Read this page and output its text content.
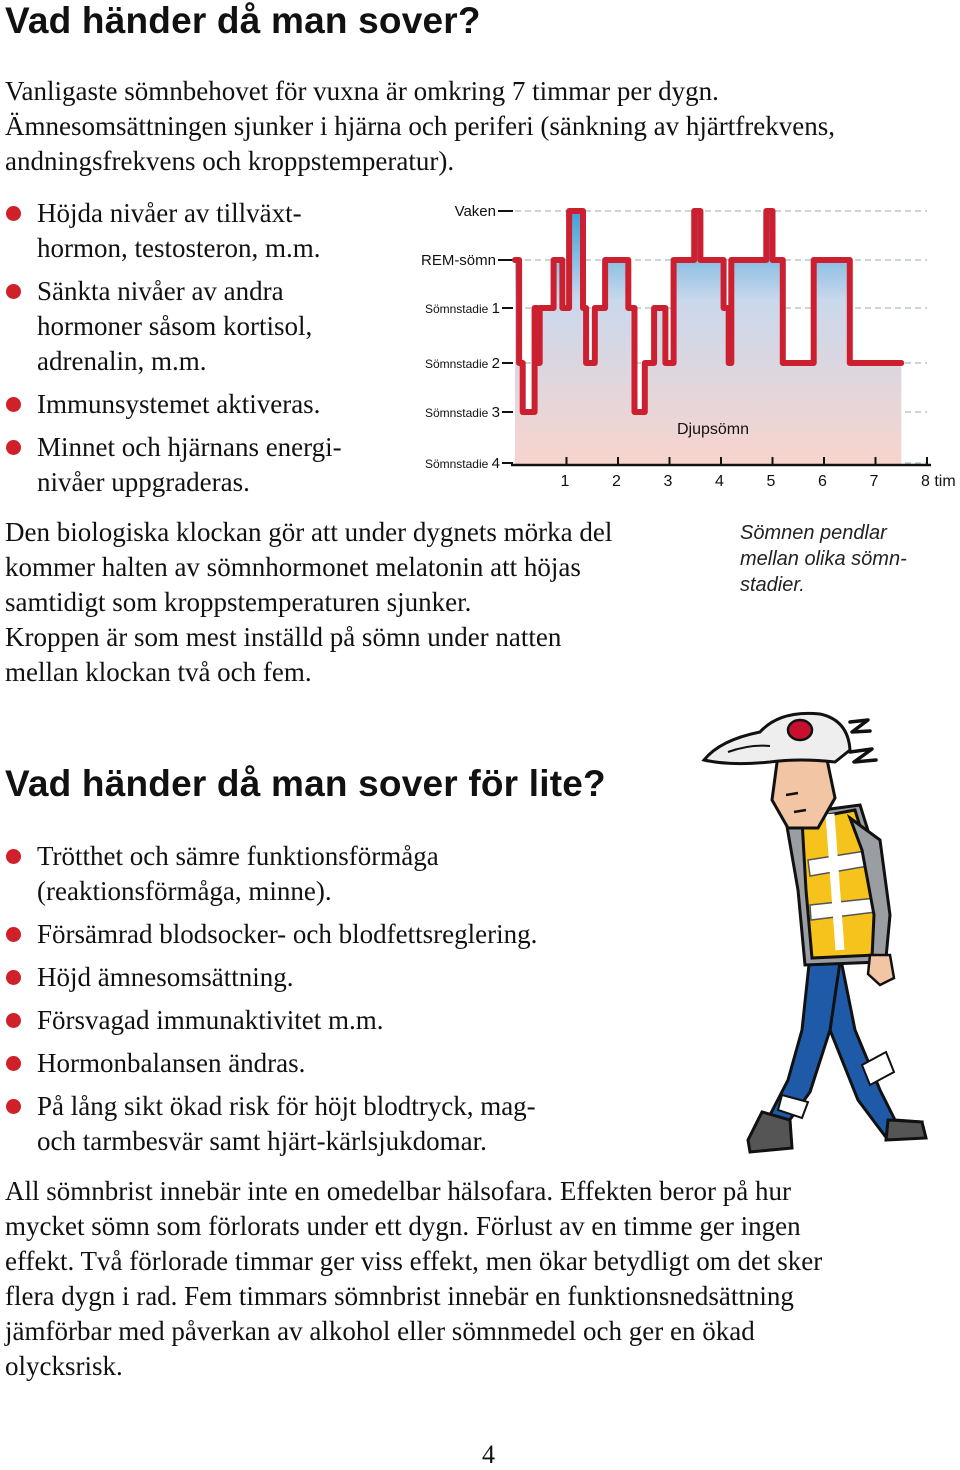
Vad händer då man sover?
Vanligaste sömnbehovet för vuxna är omkring 7 timmar per dygn.
Ämnesomsättningen sjunker i hjärna och periferi (sänkning av hjärtfrekvens,
andningsfrekvens och kroppstemperatur).
Höjda nivåer av tillväxt-
hormon, testosteron, m.m.
Sänkta nivåer av andra
hormoner såsom kortisol,
adrenalin, m.m.
Immunsystemet aktiveras.
Minnet och hjärnans energi-
nivåer uppgraderas.
Vaken
REM-sömn
Sömnstadie 1
Sömnstadie 2
Sömnstadie 3
Sömnstadie 4
1	2	3	4	5	6	7	8 tim
Djupsömn
Den biologiska klockan gör att under dygnets mörka del
kommer halten av sömnhormonet melatonin att höjas
samtidigt som kroppstemperaturen sjunker.
Kroppen är som mest inställd på sömn under natten
mellan klockan två och fem.
Sömnen pendlar
mellan olika sömn-
stadier.
Vad händer då man sover för lite?
Trötthet och sämre funktionsförmåga
(reaktionsförmåga, minne).
Försämrad blodsocker- och blodfettsreglering.
Höjd ämnesomsättning.
Försvagad immunaktivitet m.m.
Hormonbalansen ändras.
På lång sikt ökad risk för höjt blodtryck, mag-
och tarmbesvär samt hjärt-kärlsjukdomar.
All sömnbrist innebär inte en omedelbar hälsofara. Effekten beror på hur
mycket sömn som förlorats under ett dygn. Förlust av en timme ger ingen
effekt. Två förlorade timmar ger viss effekt, men ökar betydligt om det sker
flera dygn i rad. Fem timmars sömnbrist innebär en funktionsnedsättning
jämförbar med påverkan av alkohol eller sömnmedel och ger en ökad
olycksrisk.
4
